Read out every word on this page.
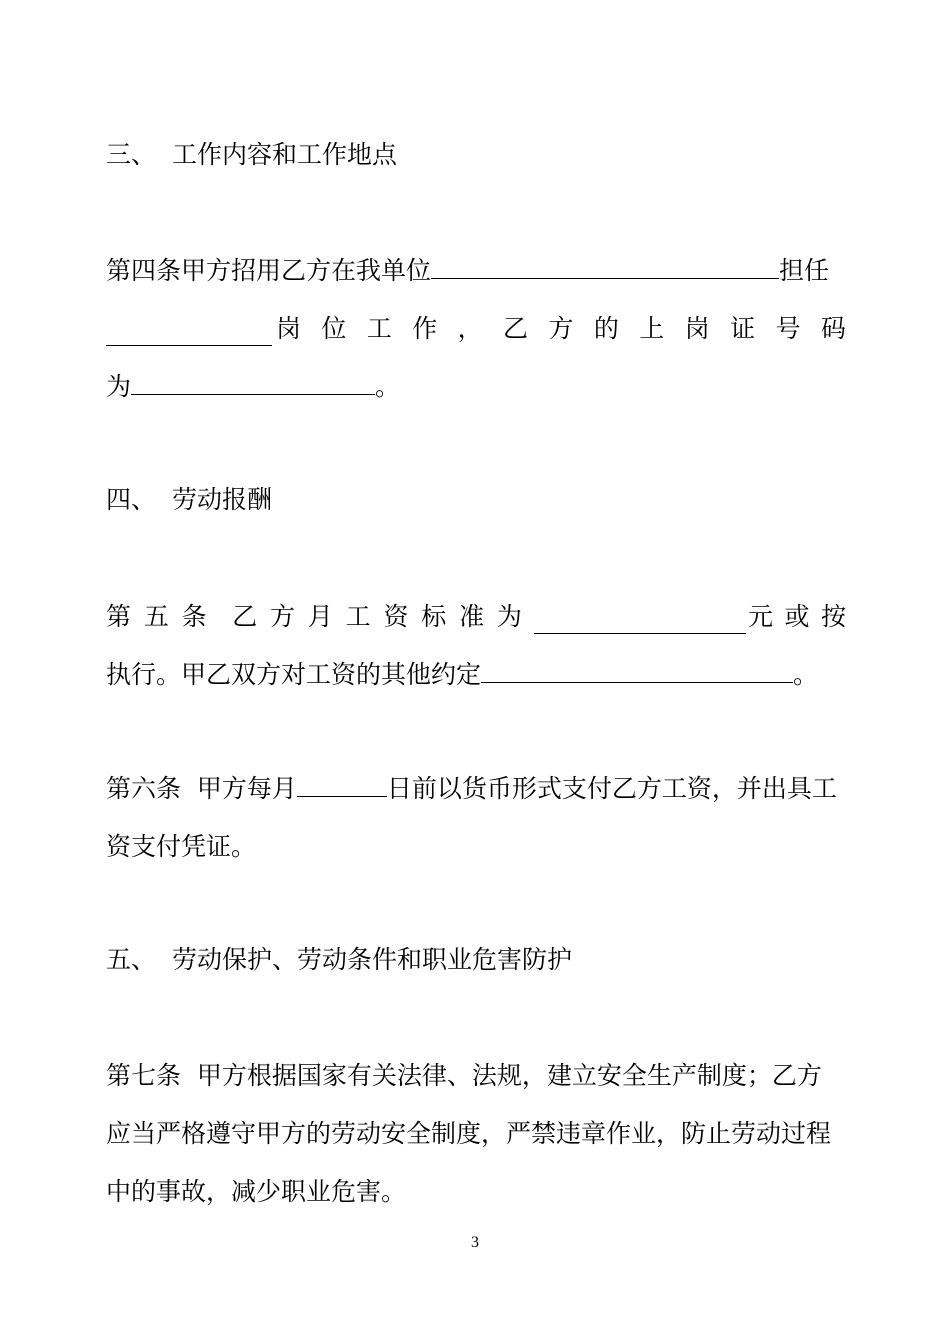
三、 工作内容和工作地点
第四条甲方招用乙方在我单位	担任
岗 位 工 作 ， 乙 方 的 上 岗 证 号 码
为	。
四、 劳动报酬
第 五 条 乙 方 月 工 资 标 准 为	元 或 按
执行。甲乙双方对工资的其他约定	。
第六条  甲方每月	日前以货币形式支付乙方工资，并出具工
资支付凭证。
五、 劳动保护、劳动条件和职业危害防护
第七条  甲方根据国家有关法律、法规，建立安全生产制度；乙方
应当严格遵守甲方的劳动安全制度，严禁违章作业，防止劳动过程
中的事故，减少职业危害。
3
